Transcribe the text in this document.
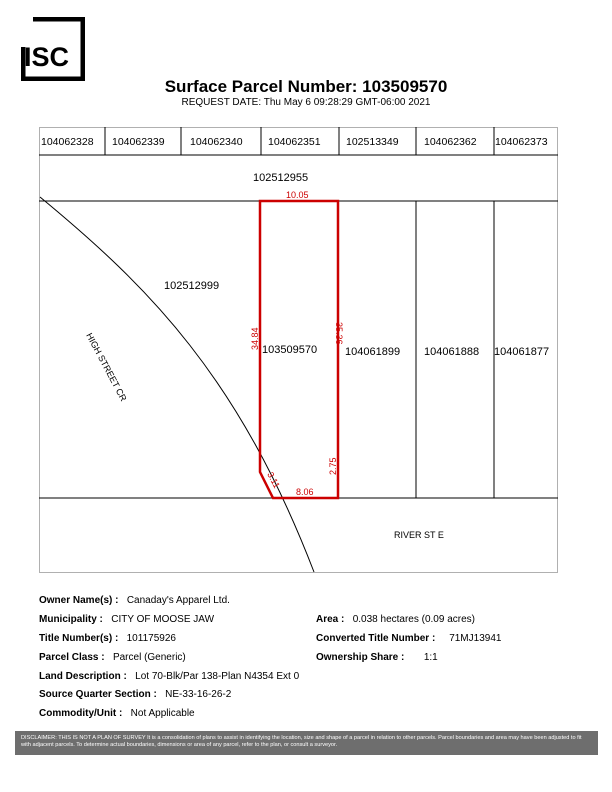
ISC
Surface Parcel Number: 103509570
REQUEST DATE: Thu May 6 09:28:29 GMT-06:00 2021
104062328 104062339 104062340 104062351 102513349 104062362 104062373
102512955
102512999
103509570	104061899 104061888 104061877
HIGH STREET CR
RIVER ST E
10.05
34.84	35.36
8.06
2.75
3.11
Owner Name(s) : Canaday's Apparel Ltd.
Municipality : CITY OF MOOSE JAW	Area : 0.038 hectares (0.09 acres)
Title Number(s) : 101175926	Converted Title Number : 71MJ13941
Parcel Class : Parcel (Generic)	Ownership Share : 1:1
Land Description : Lot 70-Blk/Par 138-Plan N4354 Ext 0
Source Quarter Section : NE-33-16-26-2
Commodity/Unit : Not Applicable
DISCLAIMER: THIS IS NOT A PLAN OF SURVEY It is a consolidation of plans to assist in identifying the location, size and shape of a parcel in relation to other parcels. Parcel boundaries and area may have been adjusted to fit with adjacent parcels. To determine actual boundaries, dimensions or area of any parcel, refer to the plan, or consult a surveyor.
